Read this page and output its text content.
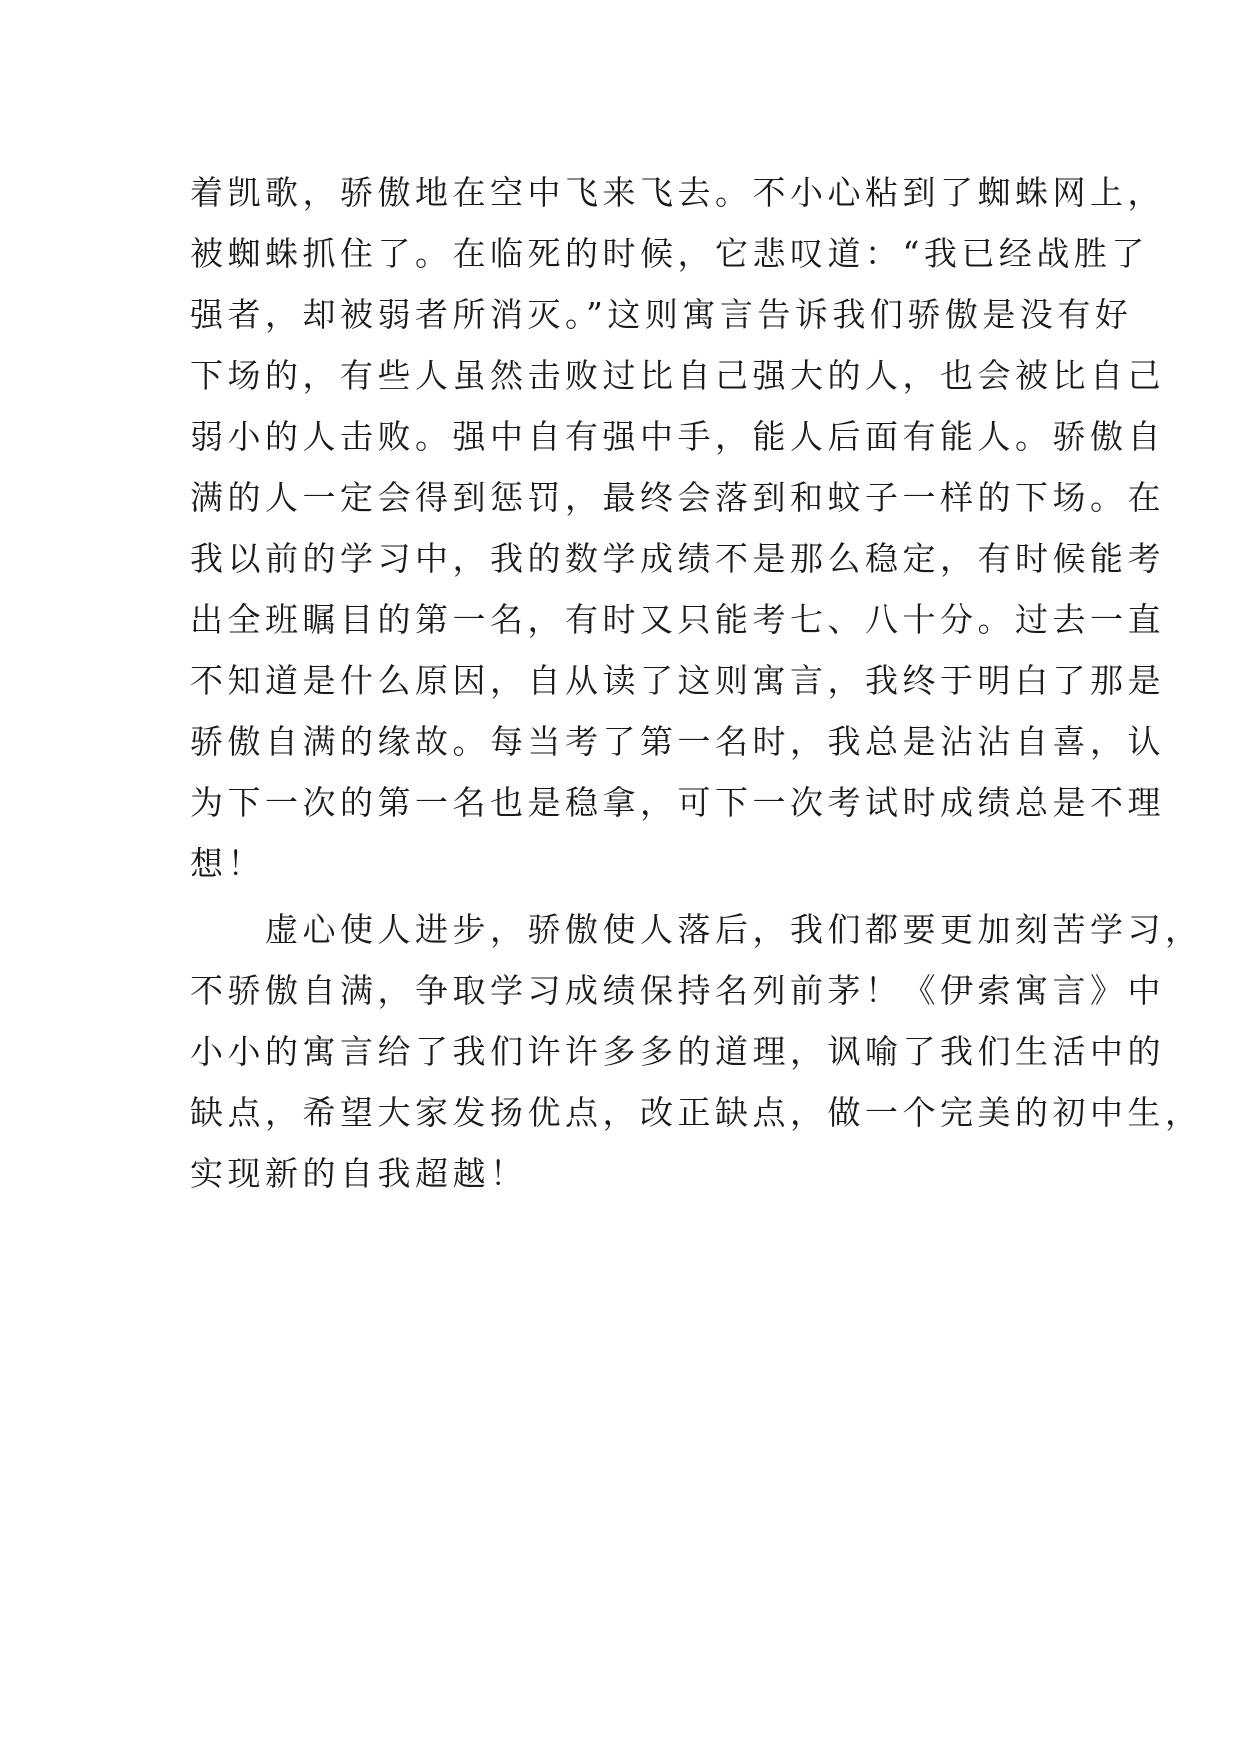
着凯歌，骄傲地在空中飞来飞去。不小心粘到了蜘蛛网上，
被蜘蛛抓住了。在临死的时候，它悲叹道：“我已经战胜了
强者，却被弱者所消灭。”这则寓言告诉我们骄傲是没有好
下场的，有些人虽然击败过比自己强大的人，也会被比自己
弱小的人击败。强中自有强中手，能人后面有能人。骄傲自
满的人一定会得到惩罚，最终会落到和蚊子一样的下场。在
我以前的学习中，我的数学成绩不是那么稳定，有时候能考
出全班瞩目的第一名，有时又只能考七、八十分。过去一直
不知道是什么原因，自从读了这则寓言，我终于明白了那是
骄傲自满的缘故。每当考了第一名时，我总是沾沾自喜，认
为下一次的第一名也是稳拿，可下一次考试时成绩总是不理
想！
　　虚心使人进步，骄傲使人落后，我们都要更加刻苦学习，
不骄傲自满，争取学习成绩保持名列前茅！《伊索寓言》中
小小的寓言给了我们许许多多的道理，讽喻了我们生活中的
缺点，希望大家发扬优点，改正缺点，做一个完美的初中生，
实现新的自我超越！
